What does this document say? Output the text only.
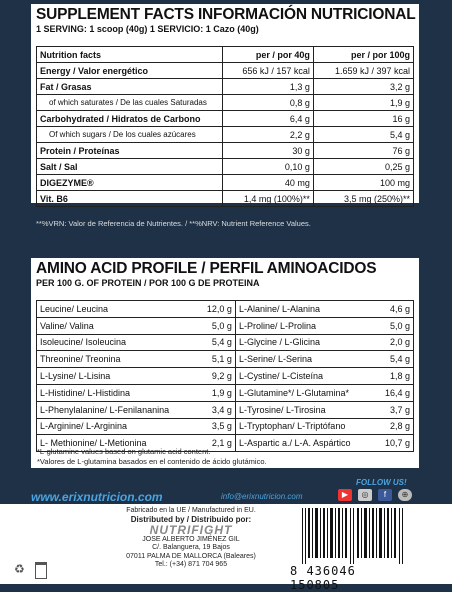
SUPPLEMENT FACTS INFORMACIÓN NUTRICIONAL
1 SERVING: 1 scoop (40g) 1 SERVICIO: 1 Cazo (40g)
Nutrition facts	per / por 40g	per / por 100g
Energy / Valor energético	656 kJ / 157 kcal	1.659 kJ / 397 kcal
Fat / Grasas	1,3 g	3,2 g
of which saturates / De las cuales Saturadas	0,8 g	1,9 g
Carbohydrated / Hidratos de Carbono	6,4 g	16 g
Of which sugars / De los cuales azúcares	2,2 g	5,4 g
Protein / Proteínas	30 g	76 g
Salt / Sal	0,10 g	0,25 g
DIGEZYME®	40 mg	100 mg
Vit. B6	1,4 mg (100%)**	3,5 mg (250%)**
**%VRN: Valor de Referencia de Nutrientes. / **%NRV: Nutrient Reference Values.
AMINO ACID PROFILE / PERFIL AMINOACIDOS
PER 100 G. OF PROTEIN / POR 100 G DE PROTEINA
Leucine/ Leucina	12,0 g	L-Alanine/ L-Alanina	4,6 g
Valine/ Valina	5,0 g	L-Proline/ L-Prolina	5,0 g
Isoleucine/ Isoleucina	5,4 g	L-Glycine / L-Glicina	2,0 g
Threonine/ Treonina	5,1 g	L-Serine/ L-Serina	5,4 g
L-Lysine/ L-Lisina	9,2 g	L-Cystine/ L-Cisteína	1,8 g
L-Histidine/ L-Histidina	1,9 g	L-Glutamine*/ L-Glutamina*	16,4 g
L-Phenylalanine/ L-Fenilananina	3,4 g	L-Tyrosine/ L-Tirosina	3,7 g
L-Arginine/ L-Arginina	3,5 g	L-Tryptophan/ L-Triptófano	2,8 g
L- Methionine/ L-Metionina	2,1 g	L-Aspartic a./ L-A. Aspártico	10,7 g
*L-glutamine values based on glutamic acid content.
*Valores de L-glutamina basados en el contenido de ácido glutámico.
FOLLOW US!
www.erixnutricion.com	info@erixnutricion.com	▶	◎	f	⊕
Fabricado en la UE / Manufactured in EU.
Distributed by / Distribuido por:
NUTRIFIGHT
JOSE ALBERTO JIMÉNEZ GIL
C/. Balanguera, 19 Bajos
07011 PALMA DE MALLORCA (Baleares)
Tel.: (+34) 871 704 965	8 436046 150805
♻
